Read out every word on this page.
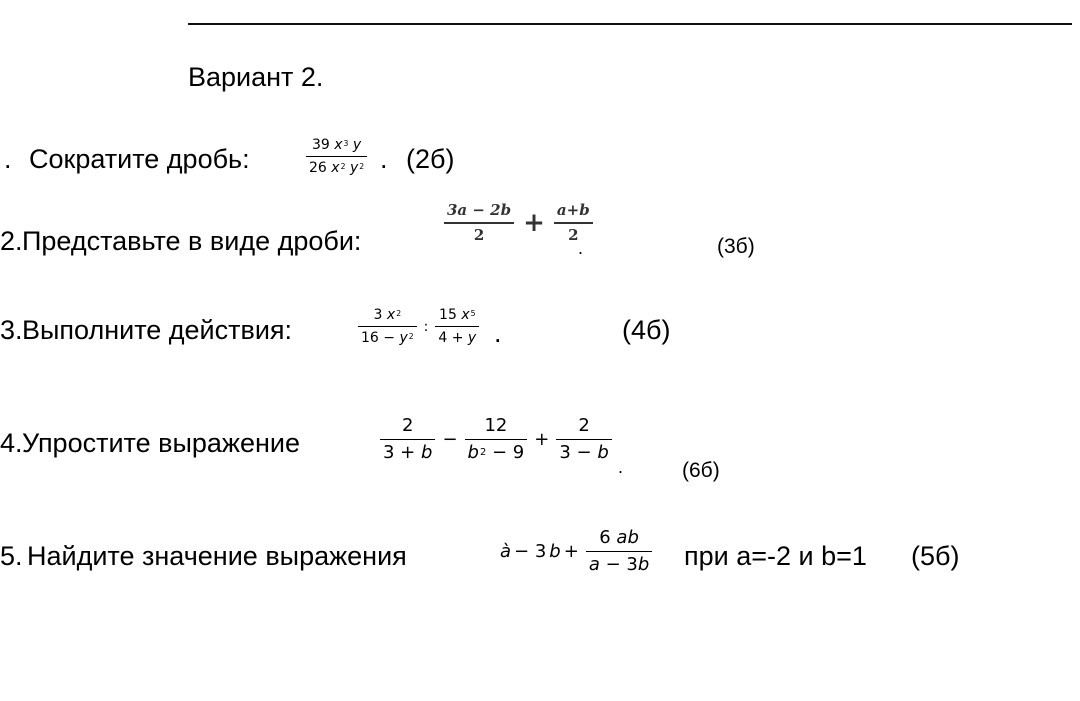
Вариант 2.
. Сократите дробь:	39
$x^3$
y
26
$x^2$
$y^2$ . (2б)
2. Представьте в виде дроби:	$\frac{3a - 2b}{2} + \frac{a+b}{2}$
.	(3б)
3. Выполните действия:	3
$x^2$
16 −
$y^2$ : 15
$x^5$
4 +
y .	(4б)
4. Упростите выражение	2
3 +
b − 12
$b^2$
− 9 + 2
3 −
b
.	(6б)
5. Найдите значение выражения	à − 3 b + 6
ab
a
− 3 b при a=-2 и b=1 (5б)
